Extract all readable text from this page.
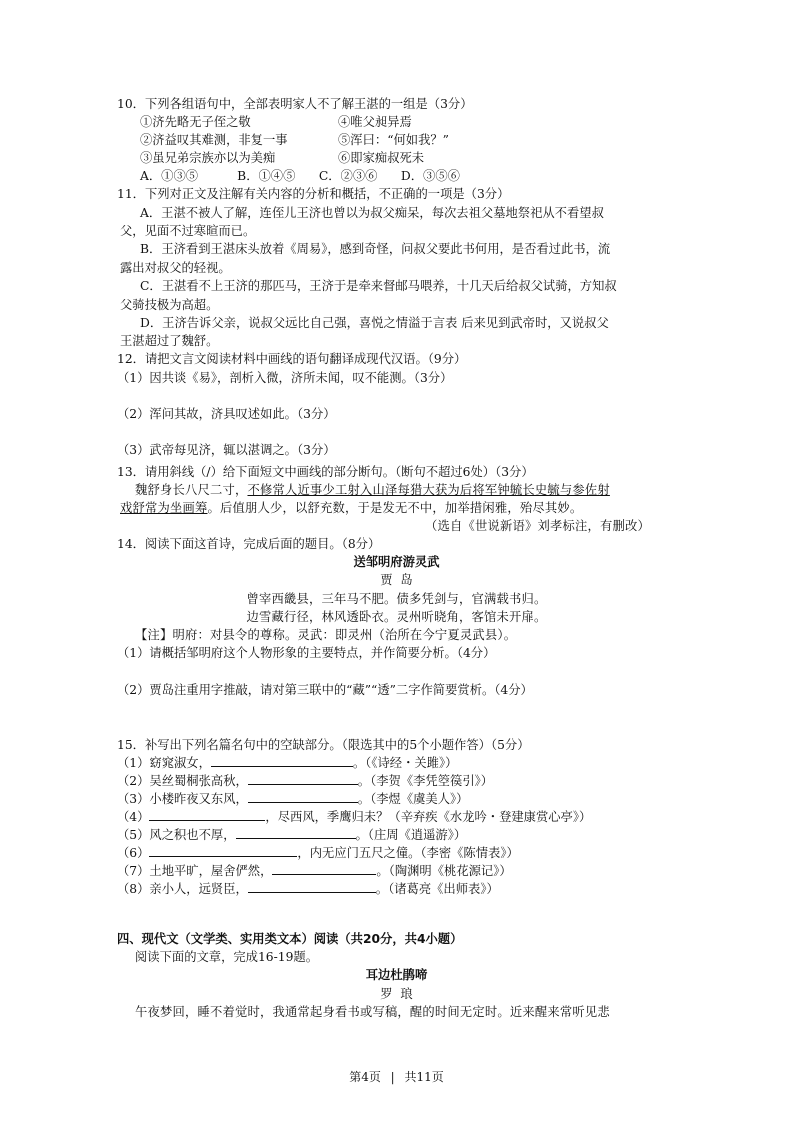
10．下列各组语句中，全部表明家人不了解王湛的一组是（3分）
①济先略无子侄之敬	④唯父昶异焉
②济益叹其难测，非复一事	⑤浑曰：“何如我？”
③虽兄弟宗族亦以为美痴	⑥即家痴叔死未
A．①③⑤          B．①④⑤      C．②③⑥      D．③⑤⑥
11．下列对正文及注解有关内容的分析和概括，不正确的一项是（3分）
A．王湛不被人了解，连侄儿王济也曾以为叔父痴呆，每次去祖父墓地祭祀从不看望叔
父，见面不过寒暄而已。
B．王济看到王湛床头放着《周易》，感到奇怪，问叔父要此书何用，是否看过此书，流
露出对叔父的轻视。
C．王湛看不上王济的那匹马，王济于是牵来督邮马喂养，十几天后给叔父试骑，方知叔
父骑技极为高超。
D．王济告诉父亲，说叔父远比自己强，喜悦之情溢于言表 后来见到武帝时，又说叔父
王湛超过了魏舒。
12．请把文言文阅读材料中画线的语句翻译成现代汉语。（9分）
（1）因共谈《易》，剖析入微，济所未闻，叹不能测。（3分）
（2）浑问其故，济具叹述如此。（3分）
（3）武帝每见济，辄以湛调之。（3分）
13．请用斜线（/）给下面短文中画线的部分断句。（断句不超过6处）（3分）
魏舒身长八尺二寸，不修常人近事少工射入山泽每猎大获为后将军钟毓长史毓与参佐射
戏舒常为坐画筹。后值朋人少，以舒充数，于是发无不中，加举措闲雅，殆尽其妙。
（选自《世说新语》刘孝标注，有删改）
14．阅读下面这首诗，完成后面的题目。（8分）
送邹明府游灵武
贾  岛
曾宰西畿县，三年马不肥。债多凭剑与，官满载书归。
边雪藏行径，林风透卧衣。灵州听晓角，客馆未开扉。
【注】明府：对县令的尊称。灵武：即灵州（治所在今宁夏灵武县）。
（1）请概括邹明府这个人物形象的主要特点，并作简要分析。（4分）
（2）贾岛注重用字推敲，请对第三联中的“藏”“透”二字作简要赏析。（4分）
15．补写出下列名篇名句中的空缺部分。（限选其中的5个小题作答）（5分）
（1）窈窕淑女，	。（《诗经・关雎》）
（2）吴丝蜀桐张高秋，	。（李贺《李凭箜篌引》）
（3）小楼昨夜又东风，	。（李煜《虞美人》）
（4）	，尽西风，季鹰归未？（辛弃疾《水龙吟・登建康赏心亭》）
（5）风之积也不厚，	。（庄周《逍遥游》）
（6）	，内无应门五尺之僮。（李密《陈情表》）
（7）土地平旷，屋舍俨然，	。（陶渊明《桃花源记》）
（8）亲小人，远贤臣，	。（诸葛亮《出师表》）
四、现代文（文学类、实用类文本）阅读（共20分，共4小题）
阅读下面的文章，完成16-19题。
耳边杜鹃啼
罗  琅
午夜梦回，睡不着觉时，我通常起身看书或写稿，醒的时间无定时。近来醒来常听见悲
第4页 | 共11页
